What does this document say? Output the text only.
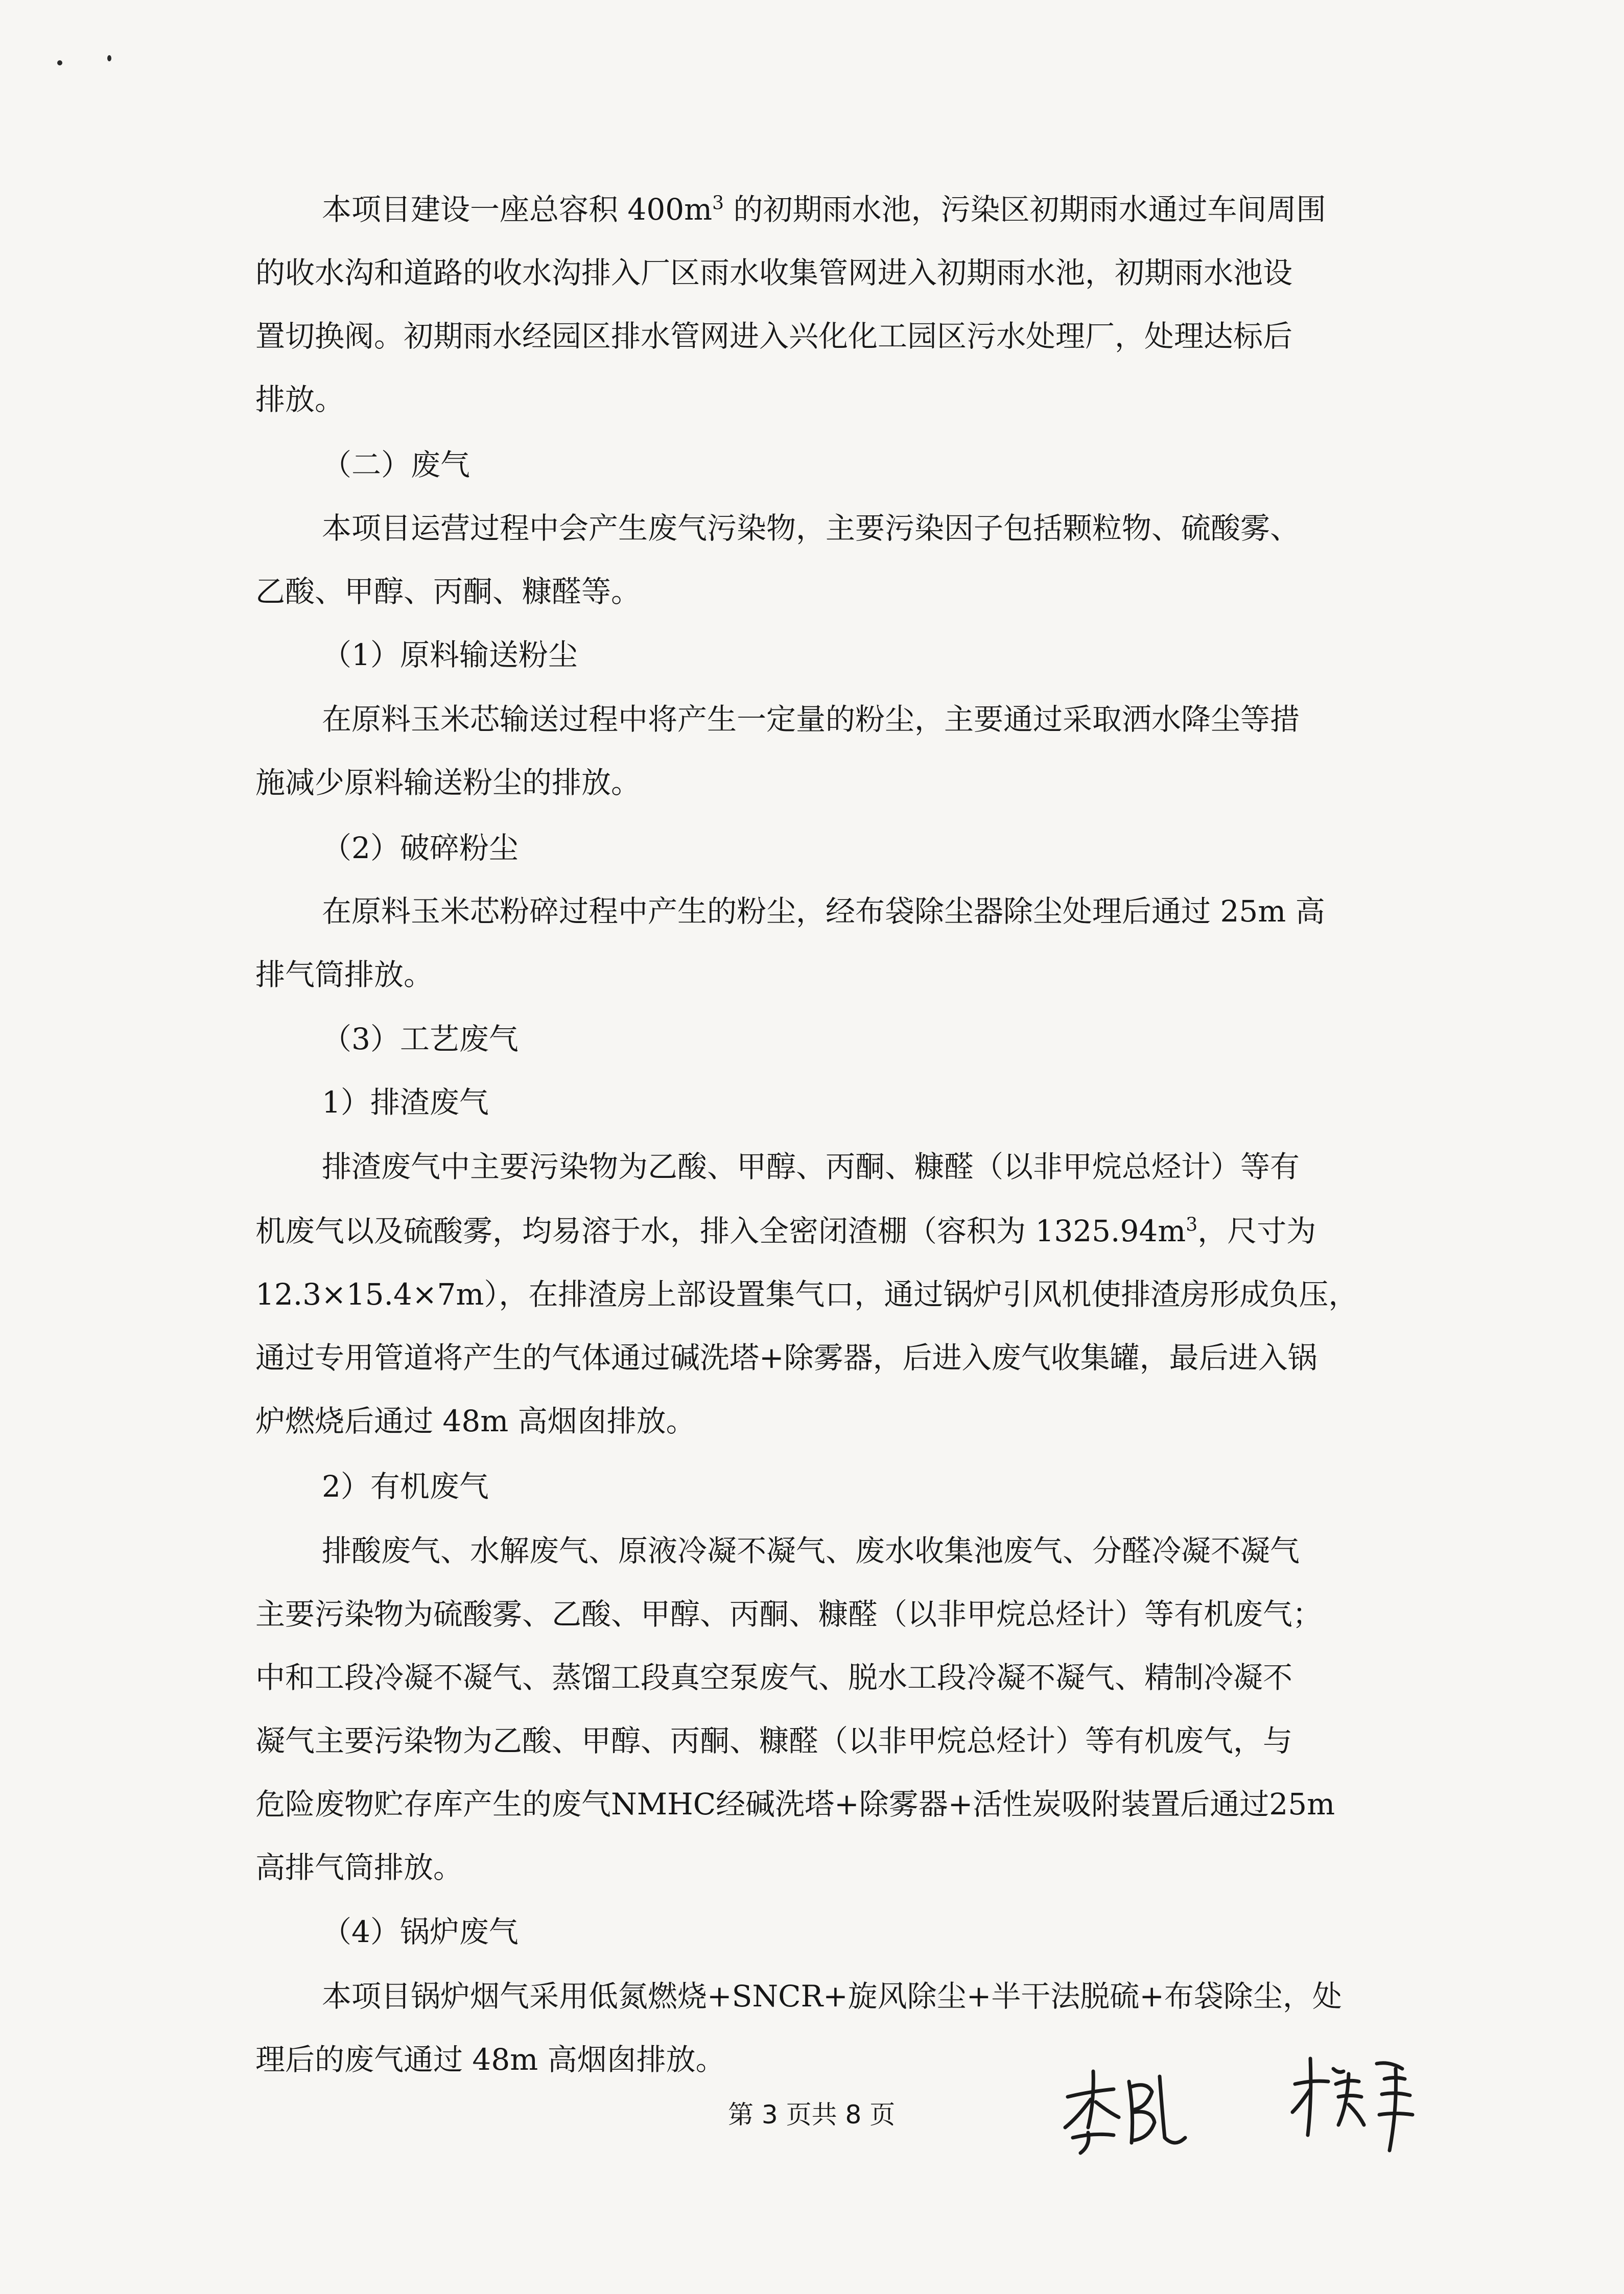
本项目建设一座总容积 $400m^3$ 的初期雨水池，污染区初期雨水通过车间周围

的收水沟和道路的收水沟排入厂区雨水收集管网进入初期雨水池，初期雨水池设

置切换阀。初期雨水经园区排水管网进入兴化化工园区污水处理厂，处理达标后

排放。

（二）废气

本项目运营过程中会产生废气污染物，主要污染因子包括颗粒物、硫酸雾、

乙酸、甲醇、丙酮、糠醛等。

（1）原料输送粉尘

在原料玉米芯输送过程中将产生一定量的粉尘，主要通过采取洒水降尘等措

施减少原料输送粉尘的排放。

（2）破碎粉尘

在原料玉米芯粉碎过程中产生的粉尘，经布袋除尘器除尘处理后通过 25m 高

排气筒排放。

（3）工艺废气

1）排渣废气

排渣废气中主要污染物为乙酸、甲醇、丙酮、糠醛（以非甲烷总烃计）等有

机废气以及硫酸雾，均易溶于水，排入全密闭渣棚（容积为 $1325.94m^3$，尺寸为

12.3×15.4×7m），在排渣房上部设置集气口，通过锅炉引风机使排渣房形成负压，

通过专用管道将产生的气体通过碱洗塔+除雾器，后进入废气收集罐，最后进入锅

炉燃烧后通过 48m 高烟囱排放。

2）有机废气

排酸废气、水解废气、原液冷凝不凝气、废水收集池废气、分醛冷凝不凝气

主要污染物为硫酸雾、乙酸、甲醇、丙酮、糠醛（以非甲烷总烃计）等有机废气；

中和工段冷凝不凝气、蒸馏工段真空泵废气、脱水工段冷凝不凝气、精制冷凝不

凝气主要污染物为乙酸、甲醇、丙酮、糠醛（以非甲烷总烃计）等有机废气，与

危险废物贮存库产生的废气NMHC经碱洗塔+除雾器+活性炭吸附装置后通过25m

高排气筒排放。

（4）锅炉废气

本项目锅炉烟气采用低氮燃烧+SNCR+旋风除尘+半干法脱硫+布袋除尘，处

理后的废气通过 48m 高烟囱排放。

第 3 页共 8 页
